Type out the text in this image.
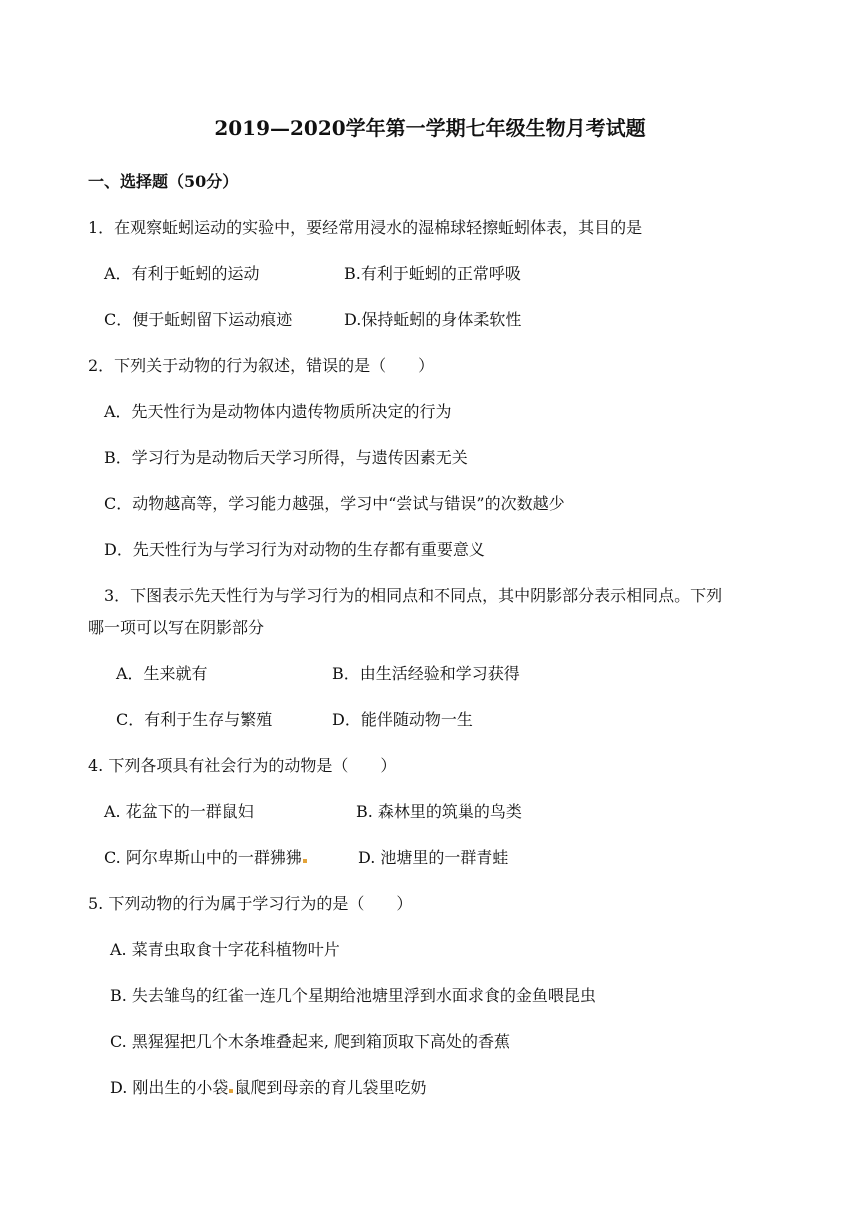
2019—2020学年第一学期七年级生物月考试题
一、选择题（50分）
1．在观察蚯蚓运动的实验中，要经常用浸水的湿棉球轻擦蚯蚓体表，其目的是
A．有利于蚯蚓的运动	B.有利于蚯蚓的正常呼吸
C．便于蚯蚓留下运动痕迹	D.保持蚯蚓的身体柔软性
2．下列关于动物的行为叙述，错误的是（　　）
A．先天性行为是动物体内遗传物质所决定的行为
B．学习行为是动物后天学习所得，与遗传因素无关
C．动物越高等，学习能力越强，学习中“尝试与错误”的次数越少
D．先天性行为与学习行为对动物的生存都有重要意义
3．下图表示先天性行为与学习行为的相同点和不同点，其中阴影部分表示相同点。下列
哪一项可以写在阴影部分
A．生来就有	B．由生活经验和学习获得
C．有利于生存与繁殖	D．能伴随动物一生
4. 下列各项具有社会行为的动物是（　　）
A. 花盆下的一群鼠妇	B. 森林里的筑巢的鸟类
C. 阿尔卑斯山中的一群狒狒	D. 池塘里的一群青蛙
5. 下列动物的行为属于学习行为的是（　　）
A. 菜青虫取食十字花科植物叶片
B. 失去雏鸟的红雀一连几个星期给池塘里浮到水面求食的金鱼喂昆虫
C. 黑猩猩把几个木条堆叠起来, 爬到箱顶取下高处的香蕉
D. 刚出生的小袋 鼠爬到母亲的育儿袋里吃奶
